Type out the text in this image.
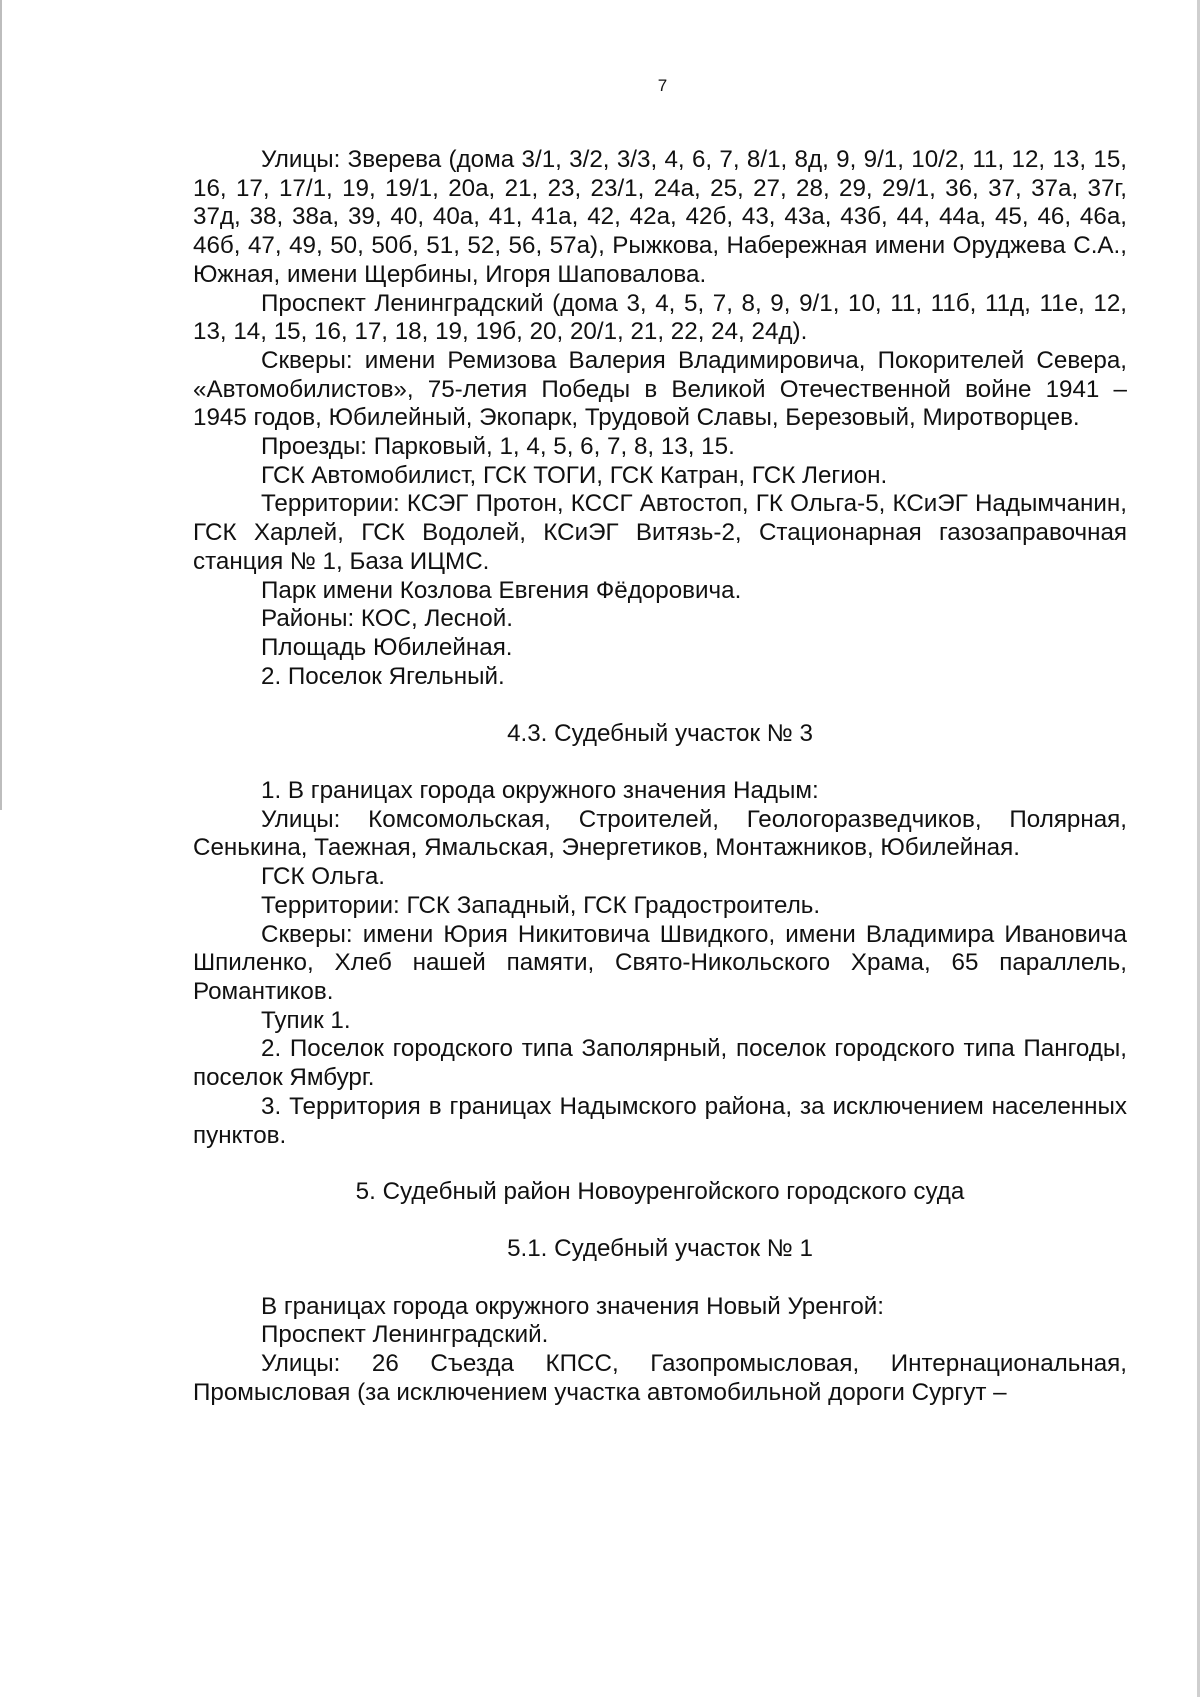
7

Улицы: Зверева (дома 3/1, 3/2, 3/3, 4, 6, 7, 8/1, 8д, 9, 9/1, 10/2, 11, 12, 13, 15, 16, 17, 17/1, 19, 19/1, 20а, 21, 23, 23/1, 24а, 25, 27, 28, 29, 29/1, 36, 37, 37а, 37г, 37д, 38, 38а, 39, 40, 40а, 41, 41а, 42, 42а, 42б, 43, 43а, 43б, 44, 44а, 45, 46, 46а, 46б, 47, 49, 50, 50б, 51, 52, 56, 57а), Рыжкова, Набережная имени Оруджева С.А., Южная, имени Щербины, Игоря Шаповалова.

Проспект Ленинградский (дома 3, 4, 5, 7, 8, 9, 9/1, 10, 11, 11б, 11д, 11е, 12, 13, 14, 15, 16, 17, 18, 19, 19б, 20, 20/1, 21, 22, 24, 24д).

Скверы: имени Ремизова Валерия Владимировича, Покорителей Севера, «Автомобилистов», 75-летия Победы в Великой Отечественной войне 1941 – 1945 годов, Юбилейный, Экопарк, Трудовой Славы, Березовый, Миротворцев.

Проезды: Парковый, 1, 4, 5, 6, 7, 8, 13, 15.

ГСК Автомобилист, ГСК ТОГИ, ГСК Катран, ГСК Легион.

Территории: КСЭГ Протон, КССГ Автостоп, ГК Ольга-5, КСиЭГ Надымчанин, ГСК Харлей, ГСК Водолей, КСиЭГ Витязь-2, Стационарная газозаправочная станция № 1, База ИЦМС.

Парк имени Козлова Евгения Фёдоровича.

Районы: КОС, Лесной.

Площадь Юбилейная.

2. Поселок Ягельный.

4.3. Судебный участок № 3

1. В границах города окружного значения Надым:

Улицы: Комсомольская, Строителей, Геологоразведчиков, Полярная, Сенькина, Таежная, Ямальская, Энергетиков, Монтажников, Юбилейная.

ГСК Ольга.

Территории: ГСК Западный, ГСК Градостроитель.

Скверы: имени Юрия Никитовича Швидкого, имени Владимира Ивановича Шпиленко, Хлеб нашей памяти, Свято-Никольского Храма, 65 параллель, Романтиков.

Тупик 1.

2. Поселок городского типа Заполярный, поселок городского типа Пангоды, поселок Ямбург.

3. Территория в границах Надымского района, за исключением населенных пунктов.

5. Судебный район Новоуренгойского городского суда
5.1. Судебный участок № 1

В границах города окружного значения Новый Уренгой:

Проспект Ленинградский.

Улицы: 26 Съезда КПСС, Газопромысловая, Интернациональная, Промысловая (за исключением участка автомобильной дороги Сургут –
